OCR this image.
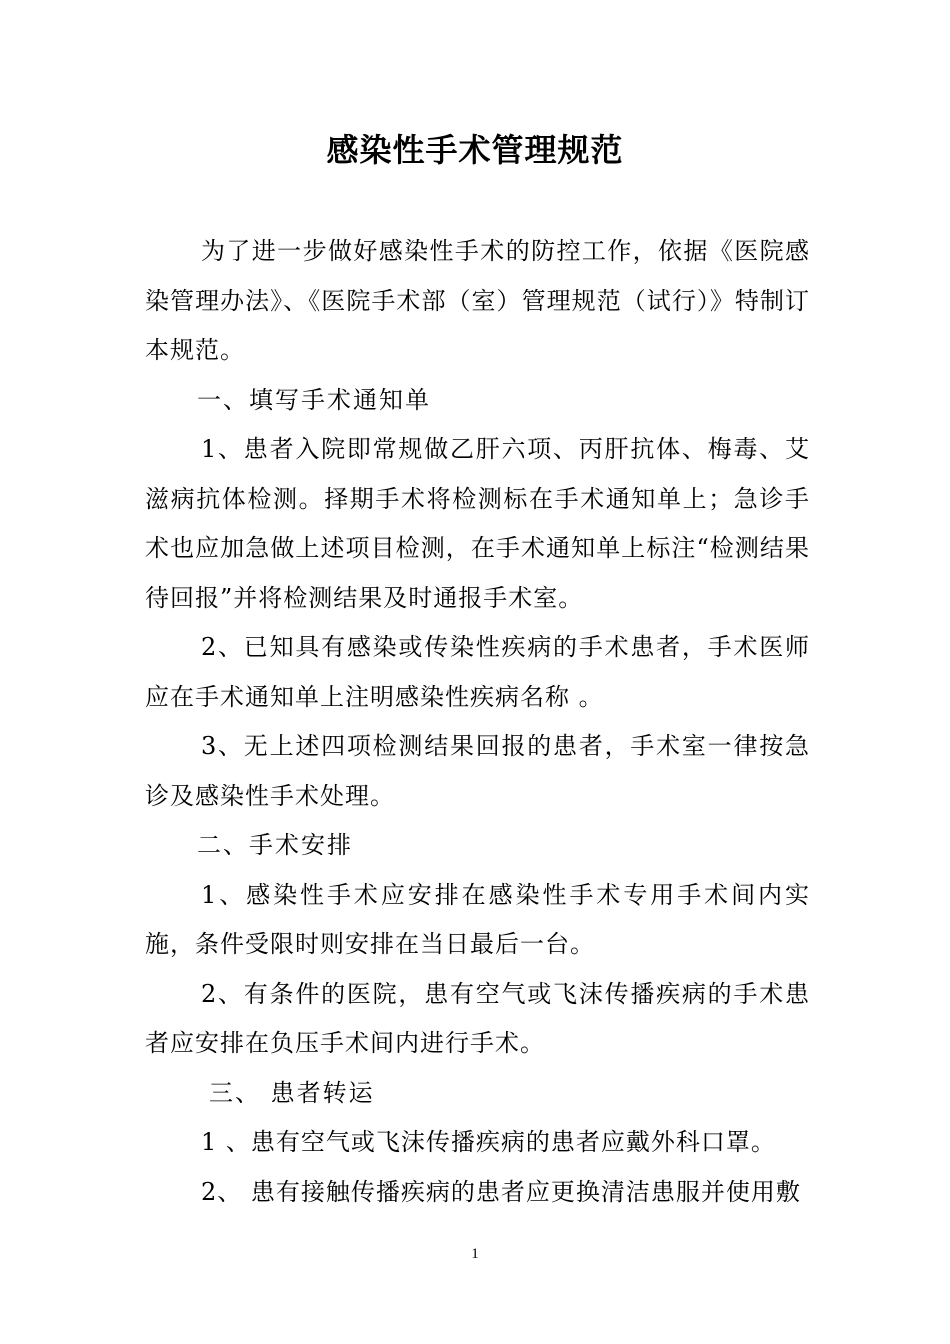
感染性手术管理规范

为了进一步做好感染性手术的防控工作，依据《医院感染管理办法》、《医院手术部（室）管理规范（试行）》特制订本规范。

一、填写手术通知单

1、患者入院即常规做乙肝六项、丙肝抗体、梅毒、艾滋病抗体检测。择期手术将检测标在手术通知单上；急诊手术也应加急做上述项目检测，在手术通知单上标注“检测结果待回报”并将检测结果及时通报手术室。

2、已知具有感染或传染性疾病的手术患者，手术医师应在手术通知单上注明感染性疾病名称 。

3、无上述四项检测结果回报的患者，手术室一律按急诊及感染性手术处理。

二、手术安排

1、感染性手术应安排在感染性手术专用手术间内实施，条件受限时则安排在当日最后一台。

2、有条件的医院，患有空气或飞沫传播疾病的手术患者应安排在负压手术间内进行手术。

三、 患者转运

1 、患有空气或飞沫传播疾病的患者应戴外科口罩。

2、 患有接触传播疾病的患者应更换清洁患服并使用敷

1
